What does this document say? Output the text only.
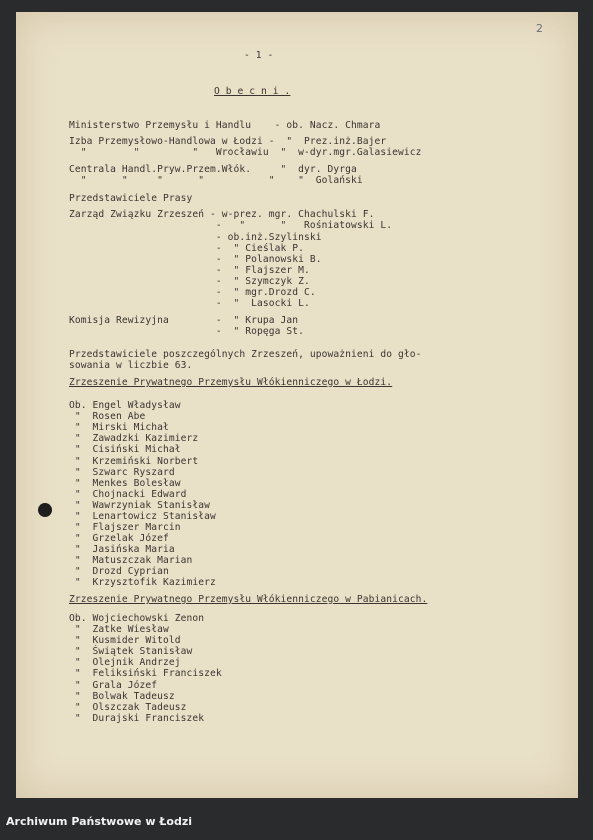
2
- 1 -
O b e c n i .
Ministerstwo Przemysłu i Handlu    - ob. Nacz. Chmara
Izba Przemysłowo-Handlowa w Łodzi -  "  Prez.inż.Bajer
"        "         "   Wrocławiu  "  w-dyr.mgr.Galasiewicz
Centrala Handl.Pryw.Przem.Włók.     "  dyr. Dyrga
"      "     "      "           "    "  Golański
Przedstawiciele Prasy
Zarząd Związku Zrzeszeń - w-prez. mgr. Chachulski F.
-   "      "   Rośniatowski L.
- ob.inż.Szylinski
-  " Cieślak P.
-  " Polanowski B.
-  " Flajszer M.
-  " Szymczyk Z.
-  " mgr.Drozd C.
-  "  Lasocki L.
Komisja Rewizyjna        -  " Krupa Jan
-  " Ropęga St.
Przedstawiciele poszczególnych Zrzeszeń, upoważnieni do gło-
sowania w liczbie 63.
Zrzeszenie Prywatnego Przemysłu Włókienniczego w Łodzi.
Ob. Engel Władysław
"  Rosen Abe
"  Mirski Michał
"  Zawadzki Kazimierz
"  Cisiński Michał
"  Krzemiński Norbert
"  Szwarc Ryszard
"  Menkes Bolesław
"  Chojnacki Edward
"  Wawrzyniak Stanisław
"  Lenartowicz Stanisław
"  Flajszer Marcin
"  Grzelak Józef
"  Jasińska Maria
"  Matuszczak Marian
"  Drozd Cyprian
"  Krzysztofik Kazimierz
Zrzeszenie Prywatnego Przemysłu Włókienniczego w Pabianicach.
Ob. Wojciechowski Zenon
"  Zatke Wiesław
"  Kusmider Witold
"  Świątek Stanisław
"  Olejnik Andrzej
"  Feliksiński Franciszek
"  Grala Józef
"  Bolwak Tadeusz
"  Olszczak Tadeusz
"  Durajski Franciszek
Archiwum Państwowe w Łodzi
